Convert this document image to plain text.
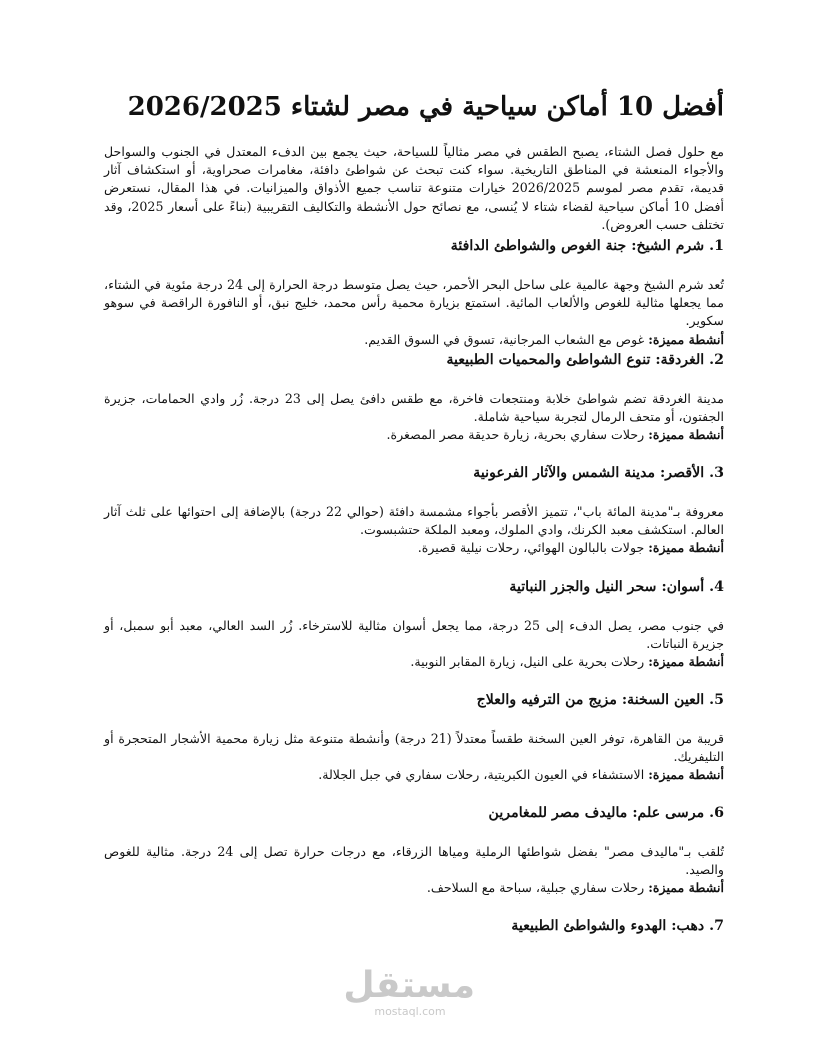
أفضل 10 أماكن سياحية في مصر لشتاء 2026/2025

مع حلول فصل الشتاء، يصبح الطقس في مصر مثالياً للسياحة، حيث يجمع بين الدفء المعتدل في الجنوب والسواحل والأجواء المنعشة في المناطق التاريخية. سواء كنت تبحث عن شواطئ دافئة، مغامرات صحراوية، أو استكشاف آثار قديمة، تقدم مصر لموسم 2026/2025 خيارات متنوعة تناسب جميع الأذواق والميزانيات. في هذا المقال، نستعرض أفضل 10 أماكن سياحية لقضاء شتاء لا يُنسى، مع نصائح حول الأنشطة والتكاليف التقريبية (بناءً على أسعار 2025، وقد تختلف حسب العروض).

1. شرم الشيخ: جنة الغوص والشواطئ الدافئة

تُعد شرم الشيخ وجهة عالمية على ساحل البحر الأحمر، حيث يصل متوسط درجة الحرارة إلى 24 درجة مئوية في الشتاء، مما يجعلها مثالية للغوص والألعاب المائية. استمتع بزيارة محمية رأس محمد، خليج نبق، أو النافورة الراقصة في سوهو سكوير.

أنشطة مميزة: غوص مع الشعاب المرجانية، تسوق في السوق القديم.
2. الغردقة: تنوع الشواطئ والمحميات الطبيعية

مدينة الغردقة تضم شواطئ خلابة ومنتجعات فاخرة، مع طقس دافئ يصل إلى 23 درجة. زُر وادي الحمامات، جزيرة الجفتون، أو متحف الرمال لتجربة سياحية شاملة.

أنشطة مميزة: رحلات سفاري بحرية، زيارة حديقة مصر المصغرة.
3. الأقصر: مدينة الشمس والآثار الفرعونية

معروفة بـ"مدينة المائة باب"، تتميز الأقصر بأجواء مشمسة دافئة (حوالي 22 درجة) بالإضافة إلى احتوائها على ثلث آثار العالم. استكشف معبد الكرنك، وادي الملوك، ومعبد الملكة حتشبسوت.

أنشطة مميزة: جولات بالبالون الهوائي، رحلات نيلية قصيرة.
4. أسوان: سحر النيل والجزر النباتية

في جنوب مصر، يصل الدفء إلى 25 درجة، مما يجعل أسوان مثالية للاسترخاء. زُر السد العالي، معبد أبو سمبل، أو جزيرة النباتات.

أنشطة مميزة: رحلات بحرية على النيل، زيارة المقابر النوبية.
5. العين السخنة: مزيج من الترفيه والعلاج

قريبة من القاهرة، توفر العين السخنة طقساً معتدلاً (21 درجة) وأنشطة متنوعة مثل زيارة محمية الأشجار المتحجرة أو التليفريك.

أنشطة مميزة: الاستشفاء في العيون الكبريتية، رحلات سفاري في جبل الجلالة.
6. مرسى علم: ماليدف مصر للمغامرين

تُلقب بـ"ماليدف مصر" بفضل شواطئها الرملية ومياها الزرقاء، مع درجات حرارة تصل إلى 24 درجة. مثالية للغوص والصيد.

أنشطة مميزة: رحلات سفاري جبلية، سباحة مع السلاحف.
7. دهب: الهدوء والشواطئ الطبيعية
مستقل
mostaql.com
